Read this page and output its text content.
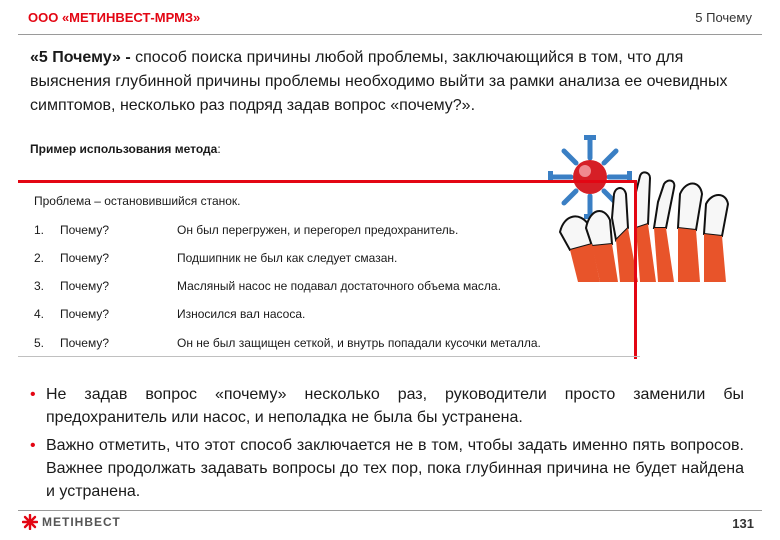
ООО «МЕТИНВЕСТ-МРМЗ»	5 Почему
«5 Почему» - способ поиска причины любой проблемы, заключающийся в том, что для выяснения глубинной причины проблемы необходимо выйти за рамки анализа ее очевидных симптомов, несколько раз подряд задав вопрос «почему?».
Пример использования метода:
Проблема – остановившийся станок.
1.	Почему?	Он был перегружен, и перегорел предохранитель.
2.	Почему?	Подшипник не был как следует смазан.
3.	Почему?	Масляный насос не подавал достаточного объема масла.
4.	Почему?	Износился вал насоса.
5.	Почему?	Он не был защищен сеткой, и внутрь попадали кусочки металла.
• Не задав вопрос «почему» несколько раз, руководители просто заменили бы предохранитель или насос, и неполадка не была бы устранена.
• Важно отметить, что этот способ заключается не в том, чтобы задать именно пять вопросов. Важнее продолжать задавать вопросы до тех пор, пока глубинная причина не будет найдена и устранена.
МЕТІНВЕСТ	131
